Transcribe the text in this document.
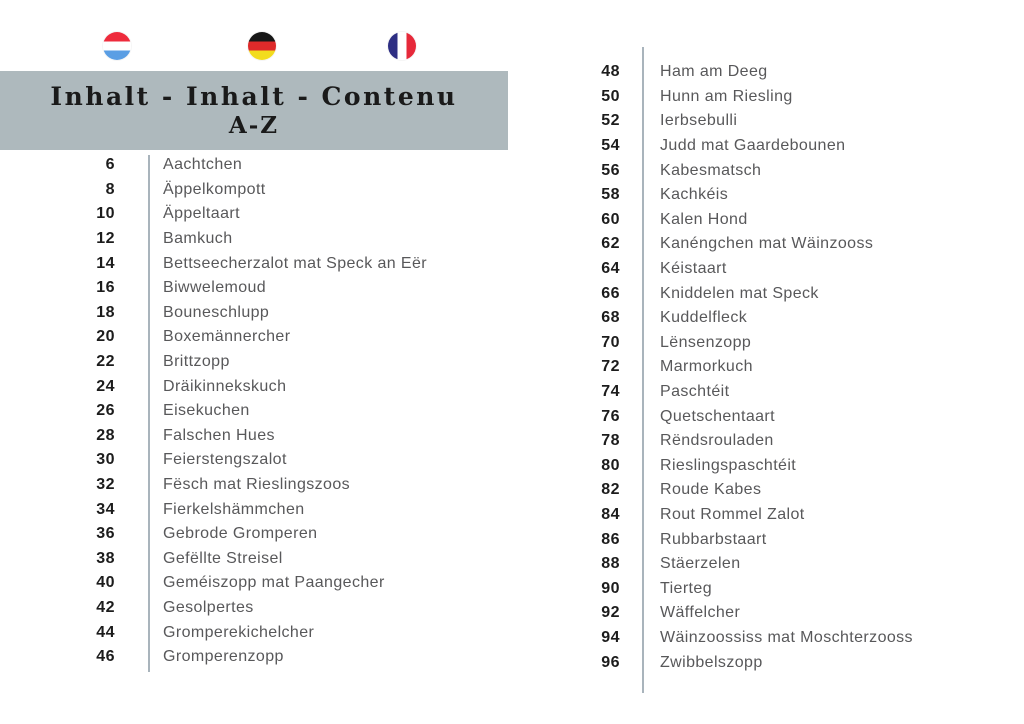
Inhalt - Inhalt - Contenu
A-Z
6	Aachtchen
8	Äppelkompott
10	Äppeltaart
12	Bamkuch
14	Bettseecherzalot mat Speck an Eër
16	Biwwelemoud
18	Bouneschlupp
20	Boxemännercher
22	Brittzopp
24	Dräikinnekskuch
26	Eisekuchen
28	Falschen Hues
30	Feierstengszalot
32	Fësch mat Rieslingszoos
34	Fierkelshämmchen
36	Gebrode Gromperen
38	Gefëllte Streisel
40	Geméiszopp mat Paangecher
42	Gesolpertes
44	Gromperekichelcher
46	Gromperenzopp
48	Ham am Deeg
50	Hunn am Riesling
52	Ierbsebulli
54	Judd mat Gaardebounen
56	Kabesmatsch
58	Kachkéis
60	Kalen Hond
62	Kanéngchen mat Wäinzooss
64	Kéistaart
66	Kniddelen mat Speck
68	Kuddelfleck
70	Lënsenzopp
72	Marmorkuch
74	Paschtéit
76	Quetschentaart
78	Rëndsrouladen
80	Rieslingspaschtéit
82	Roude Kabes
84	Rout Rommel Zalot
86	Rubbarbstaart
88	Stäerzelen
90	Tierteg
92	Wäffelcher
94	Wäinzoossiss mat Moschterzooss
96	Zwibbelszopp
